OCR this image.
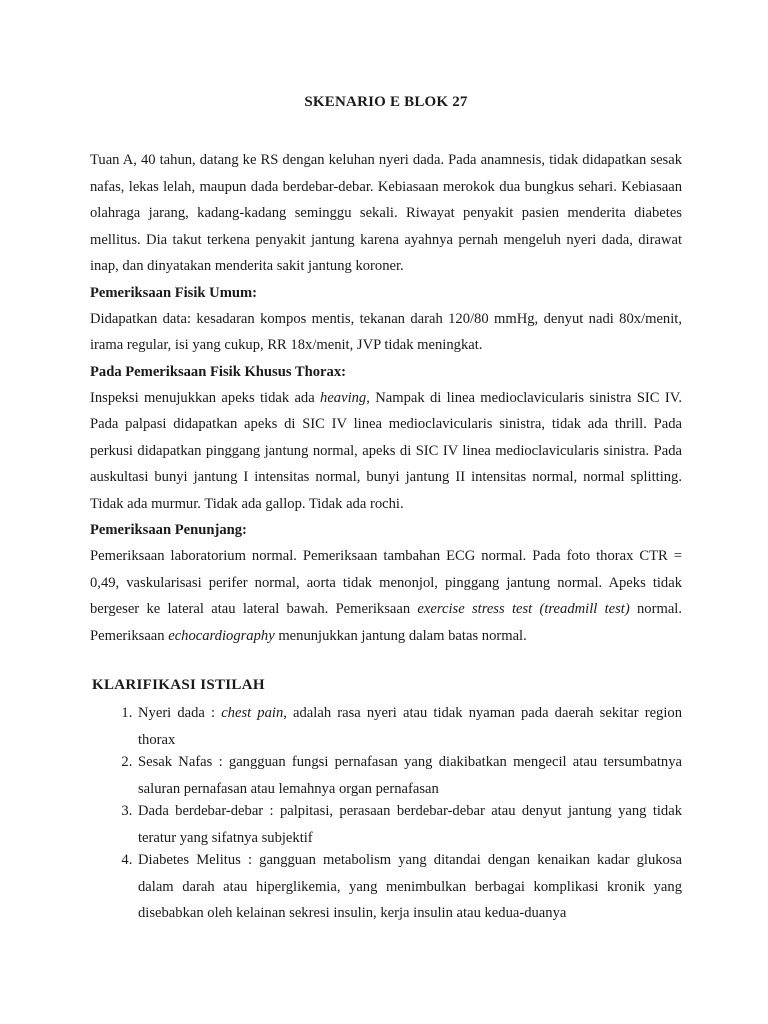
SKENARIO E BLOK 27

Tuan A, 40 tahun, datang ke RS dengan keluhan nyeri dada. Pada anamnesis, tidak didapatkan sesak nafas, lekas lelah, maupun dada berdebar-debar. Kebiasaan merokok dua bungkus sehari. Kebiasaan olahraga jarang, kadang-kadang seminggu sekali. Riwayat penyakit pasien menderita diabetes mellitus. Dia takut terkena penyakit jantung karena ayahnya pernah mengeluh nyeri dada, dirawat inap, dan dinyatakan menderita sakit jantung koroner.

Pemeriksaan Fisik Umum:

Didapatkan data: kesadaran kompos mentis, tekanan darah 120/80 mmHg, denyut nadi 80x/menit, irama regular, isi yang cukup, RR 18x/menit, JVP tidak meningkat.

Pada Pemeriksaan Fisik Khusus Thorax:

Inspeksi menujukkan apeks tidak ada heaving, Nampak di linea medioclavicularis sinistra SIC IV. Pada palpasi didapatkan apeks di SIC IV linea medioclavicularis sinistra, tidak ada thrill. Pada perkusi didapatkan pinggang jantung normal, apeks di SIC IV linea medioclavicularis sinistra. Pada auskultasi bunyi jantung I intensitas normal, bunyi jantung II intensitas normal, normal splitting. Tidak ada murmur. Tidak ada gallop. Tidak ada rochi.

Pemeriksaan Penunjang:

Pemeriksaan laboratorium normal. Pemeriksaan tambahan ECG normal. Pada foto thorax CTR = 0,49, vaskularisasi perifer normal, aorta tidak menonjol, pinggang jantung normal. Apeks tidak bergeser ke lateral atau lateral bawah. Pemeriksaan exercise stress test (treadmill test) normal. Pemeriksaan echocardiography menunjukkan jantung dalam batas normal.

KLARIFIKASI ISTILAH
1. Nyeri dada : chest pain, adalah rasa nyeri atau tidak nyaman pada daerah sekitar region thorax
2. Sesak Nafas : gangguan fungsi pernafasan yang diakibatkan mengecil atau tersumbatnya saluran pernafasan atau lemahnya organ pernafasan
3. Dada berdebar-debar : palpitasi, perasaan berdebar-debar atau denyut jantung yang tidak teratur yang sifatnya subjektif
4. Diabetes Melitus : gangguan metabolism yang ditandai dengan kenaikan kadar glukosa dalam darah atau hiperglikemia, yang menimbulkan berbagai komplikasi kronik yang disebabkan oleh kelainan sekresi insulin, kerja insulin atau kedua-duanya
